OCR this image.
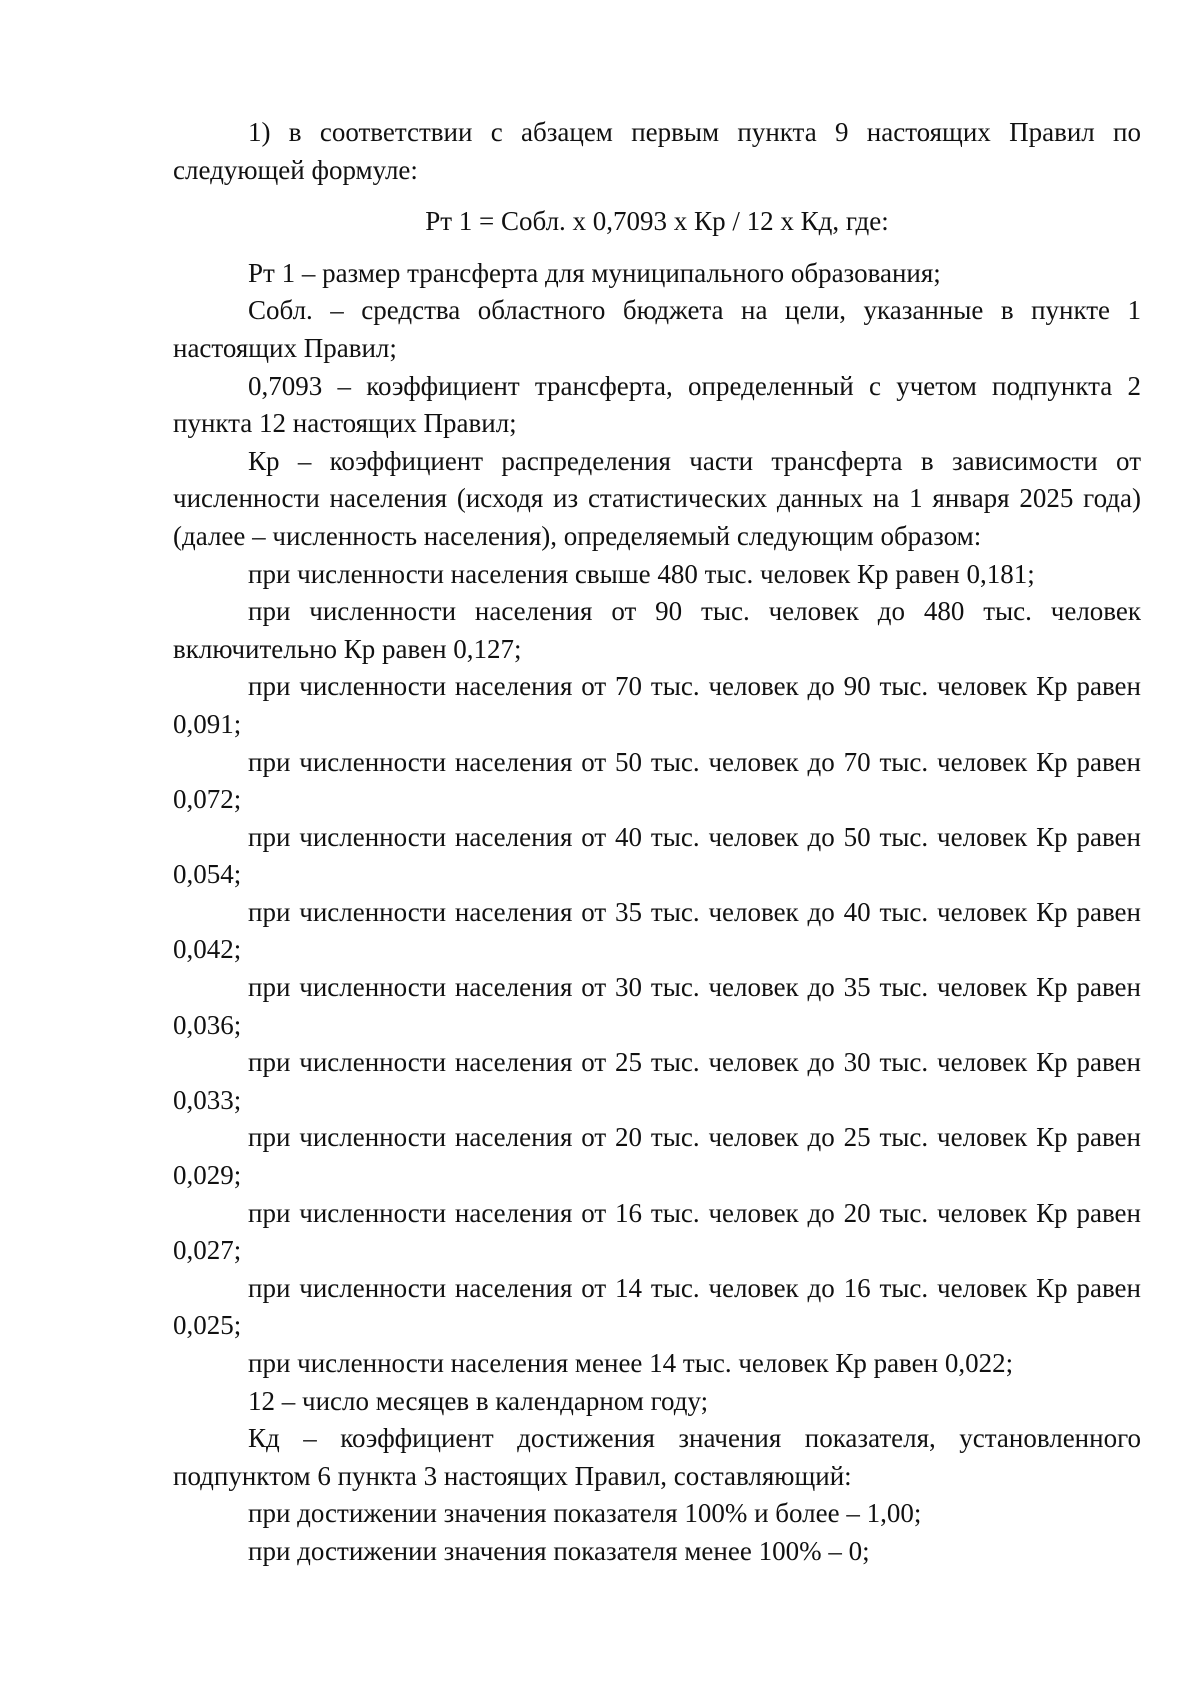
1) в соответствии с абзацем первым пункта 9 настоящих Правил по следующей формуле:

Рт 1 = Собл. х 0,7093 х Кр / 12 х Кд, где:

Рт 1 – размер трансферта для муниципального образования;

Собл. – средства областного бюджета на цели, указанные в пункте 1 настоящих Правил;

0,7093 – коэффициент трансферта, определенный с учетом подпункта 2 пункта 12 настоящих Правил;

Кр – коэффициент распределения части трансферта в зависимости от численности населения (исходя из статистических данных на 1 января 2025 года) (далее – численность населения), определяемый следующим образом:

при численности населения свыше 480 тыс. человек Кр равен 0,181;

при численности населения от 90 тыс. человек до 480 тыс. человек включительно Кр равен 0,127;

при численности населения от 70 тыс. человек до 90 тыс. человек Кр равен 0,091;

при численности населения от 50 тыс. человек до 70 тыс. человек Кр равен 0,072;

при численности населения от 40 тыс. человек до 50 тыс. человек Кр равен 0,054;

при численности населения от 35 тыс. человек до 40 тыс. человек Кр равен 0,042;

при численности населения от 30 тыс. человек до 35 тыс. человек Кр равен 0,036;

при численности населения от 25 тыс. человек до 30 тыс. человек Кр равен 0,033;

при численности населения от 20 тыс. человек до 25 тыс. человек Кр равен 0,029;

при численности населения от 16 тыс. человек до 20 тыс. человек Кр равен 0,027;

при численности населения от 14 тыс. человек до 16 тыс. человек Кр равен 0,025;

при численности населения менее 14 тыс. человек Кр равен 0,022;

12 – число месяцев в календарном году;

Кд – коэффициент достижения значения показателя, установленного подпунктом 6 пункта 3 настоящих Правил, составляющий:

при достижении значения показателя 100% и более – 1,00;

при достижении значения показателя менее 100% – 0;
